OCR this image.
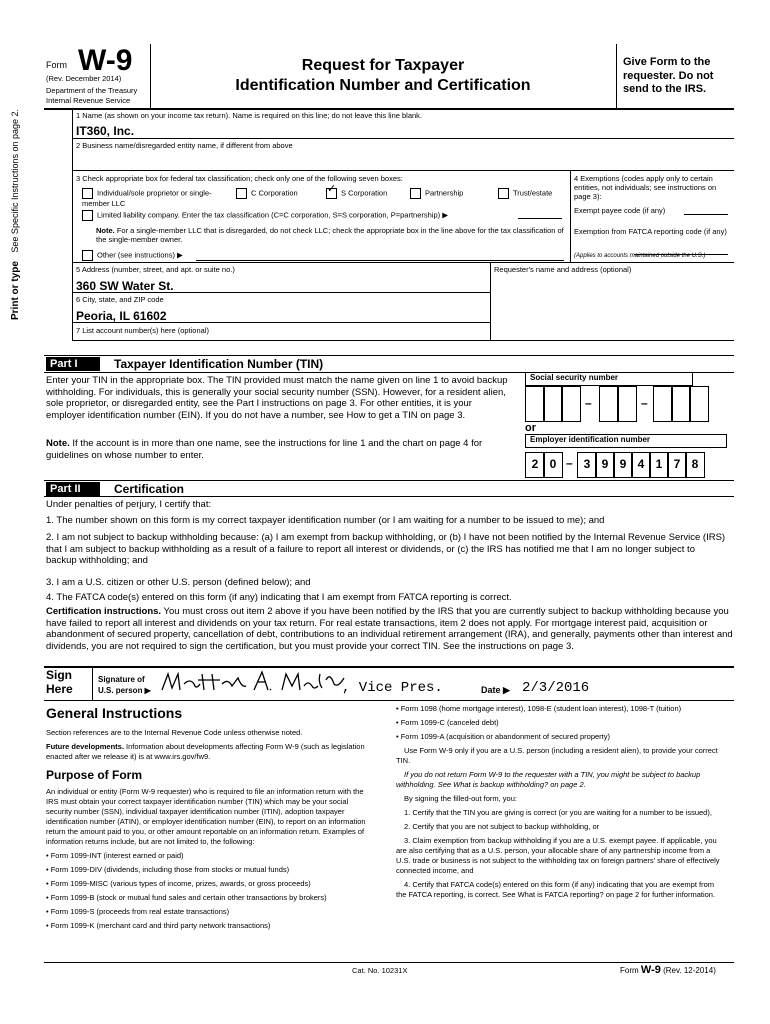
Form W-9
(Rev. December 2014)
Department of the Treasury
Internal Revenue Service
Request for Taxpayer
Identification Number and Certification
Give Form to the requester. Do not send to the IRS.
Print or type See Specific Instructions on page 2.	1 Name (as shown on your income tax return). Name is required on this line; do not leave this line blank.
IT360, Inc.
2 Business name/disregarded entity name, if different from above
3 Check appropriate box for federal tax classification; check only one of the following seven boxes:
Individual/sole proprietor or single-member LLC
C Corporation
✓	S Corporation	Partnership	Trust/estate
Limited liability company. Enter the tax classification (C=C corporation, S=S corporation, P=partnership) ▶
Note. For a single-member LLC that is disregarded, do not check LLC; check the appropriate box in the line above for the tax classification of the single-member owner.
Other (see instructions) ▶
4 Exemptions (codes apply only to certain entities, not individuals; see instructions on page 3):
Exempt payee code (if any)
Exemption from FATCA reporting code (if any)
(Applies to accounts maintained outside the U.S.)
5 Address (number, street, and apt. or suite no.)
360 SW Water St.
Requester's name and address (optional)
6 City, state, and ZIP code
Peoria, IL 61602
7 List account number(s) here (optional)
Part I	Taxpayer Identification Number (TIN)
Enter your TIN in the appropriate box. The TIN provided must match the name given on line 1 to avoid backup withholding. For individuals, this is generally your social security number (SSN). However, for a resident alien, sole proprietor, or disregarded entity, see the Part I instructions on page 3. For other entities, it is your employer identification number (EIN). If you do not have a number, see How to get a TIN on page 3.
Note. If the account is in more than one name, see the instructions for line 1 and the chart on page 4 for guidelines on whose number to enter.
Social security number
–	–
or
Employer identification number
2 0 – 3 9 9 4 1 7 8
Part II	Certification
Under penalties of perjury, I certify that:
1. The number shown on this form is my correct taxpayer identification number (or I am waiting for a number to be issued to me); and
2. I am not subject to backup withholding because: (a) I am exempt from backup withholding, or (b) I have not been notified by the Internal Revenue Service (IRS) that I am subject to backup withholding as a result of a failure to report all interest or dividends, or (c) the IRS has notified me that I am no longer subject to backup withholding; and
3. I am a U.S. citizen or other U.S. person (defined below); and
4. The FATCA code(s) entered on this form (if any) indicating that I am exempt from FATCA reporting is correct.
Certification instructions. You must cross out item 2 above if you have been notified by the IRS that you are currently subject to backup withholding because you have failed to report all interest and dividends on your tax return. For real estate transactions, item 2 does not apply. For mortgage interest paid, acquisition or abandonment of secured property, cancellation of debt, contributions to an individual retirement arrangement (IRA), and generally, payments other than interest and dividends, you are not required to sign the certification, but you must provide your correct TIN. See the instructions on page 3.
Sign Here
Signature of U.S. person ▶	, Vice Pres.	Date ▶ 2/3/2016
General Instructions

Section references are to the Internal Revenue Code unless otherwise noted.

Future developments. Information about developments affecting Form W-9 (such as legislation enacted after we release it) is at www.irs.gov/fw9.

Purpose of Form

An individual or entity (Form W-9 requester) who is required to file an information return with the IRS must obtain your correct taxpayer identification number (TIN) which may be your social security number (SSN), individual taxpayer identification number (ITIN), adoption taxpayer identification number (ATIN), or employer identification number (EIN), to report on an information return the amount paid to you, or other amount reportable on an information return. Examples of information returns include, but are not limited to, the following:

• Form 1099-INT (interest earned or paid)

• Form 1099-DIV (dividends, including those from stocks or mutual funds)

• Form 1099-MISC (various types of income, prizes, awards, or gross proceeds)

• Form 1099-B (stock or mutual fund sales and certain other transactions by brokers)

• Form 1099-S (proceeds from real estate transactions)

• Form 1099-K (merchant card and third party network transactions)

• Form 1098 (home mortgage interest), 1098-E (student loan interest), 1098-T (tuition)

• Form 1099-C (canceled debt)

• Form 1099-A (acquisition or abandonment of secured property)

Use Form W-9 only if you are a U.S. person (including a resident alien), to provide your correct TIN.

If you do not return Form W-9 to the requester with a TIN, you might be subject to backup withholding. See What is backup withholding? on page 2.

By signing the filled-out form, you:

1. Certify that the TIN you are giving is correct (or you are waiting for a number to be issued),

2. Certify that you are not subject to backup withholding, or

3. Claim exemption from backup withholding if you are a U.S. exempt payee. If applicable, you are also certifying that as a U.S. person, your allocable share of any partnership income from a U.S. trade or business is not subject to the withholding tax on foreign partners' share of effectively connected income, and

4. Certify that FATCA code(s) entered on this form (if any) indicating that you are exempt from the FATCA reporting, is correct. See What is FATCA reporting? on page 2 for further information.

Cat. No. 10231X	Form W-9 (Rev. 12-2014)
